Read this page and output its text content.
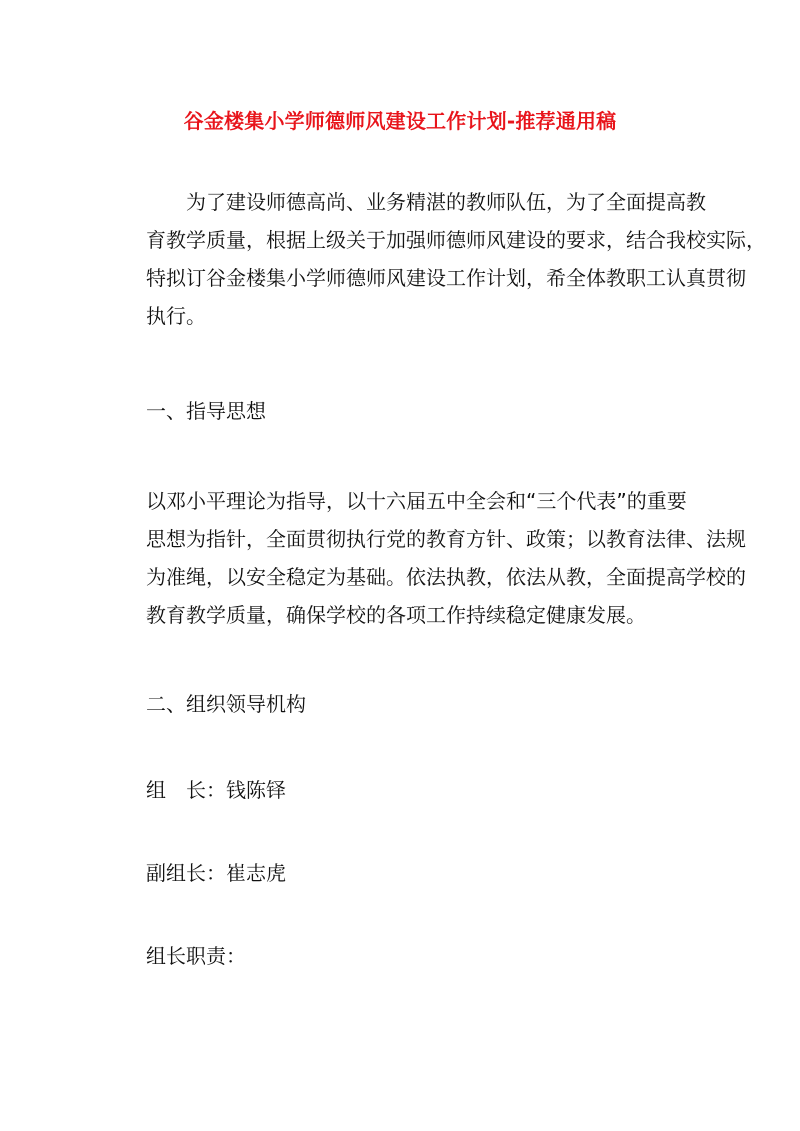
谷金楼集小学师德师风建设工作计划-推荐通用稿
为了建设师德高尚、业务精湛的教师队伍，为了全面提高教
育教学质量，根据上级关于加强师德师风建设的要求，结合我校实际，
特拟订谷金楼集小学师德师风建设工作计划，希全体教职工认真贯彻
执行。
一、指导思想
以邓小平理论为指导，以十六届五中全会和“三个代表”的重要
思想为指针，全面贯彻执行党的教育方针、政策；以教育法律、法规
为准绳，以安全稳定为基础。依法执教，依法从教，全面提高学校的
教育教学质量，确保学校的各项工作持续稳定健康发展。
二、组织领导机构
组　长：钱陈铎
副组长：崔志虎
组长职责：
